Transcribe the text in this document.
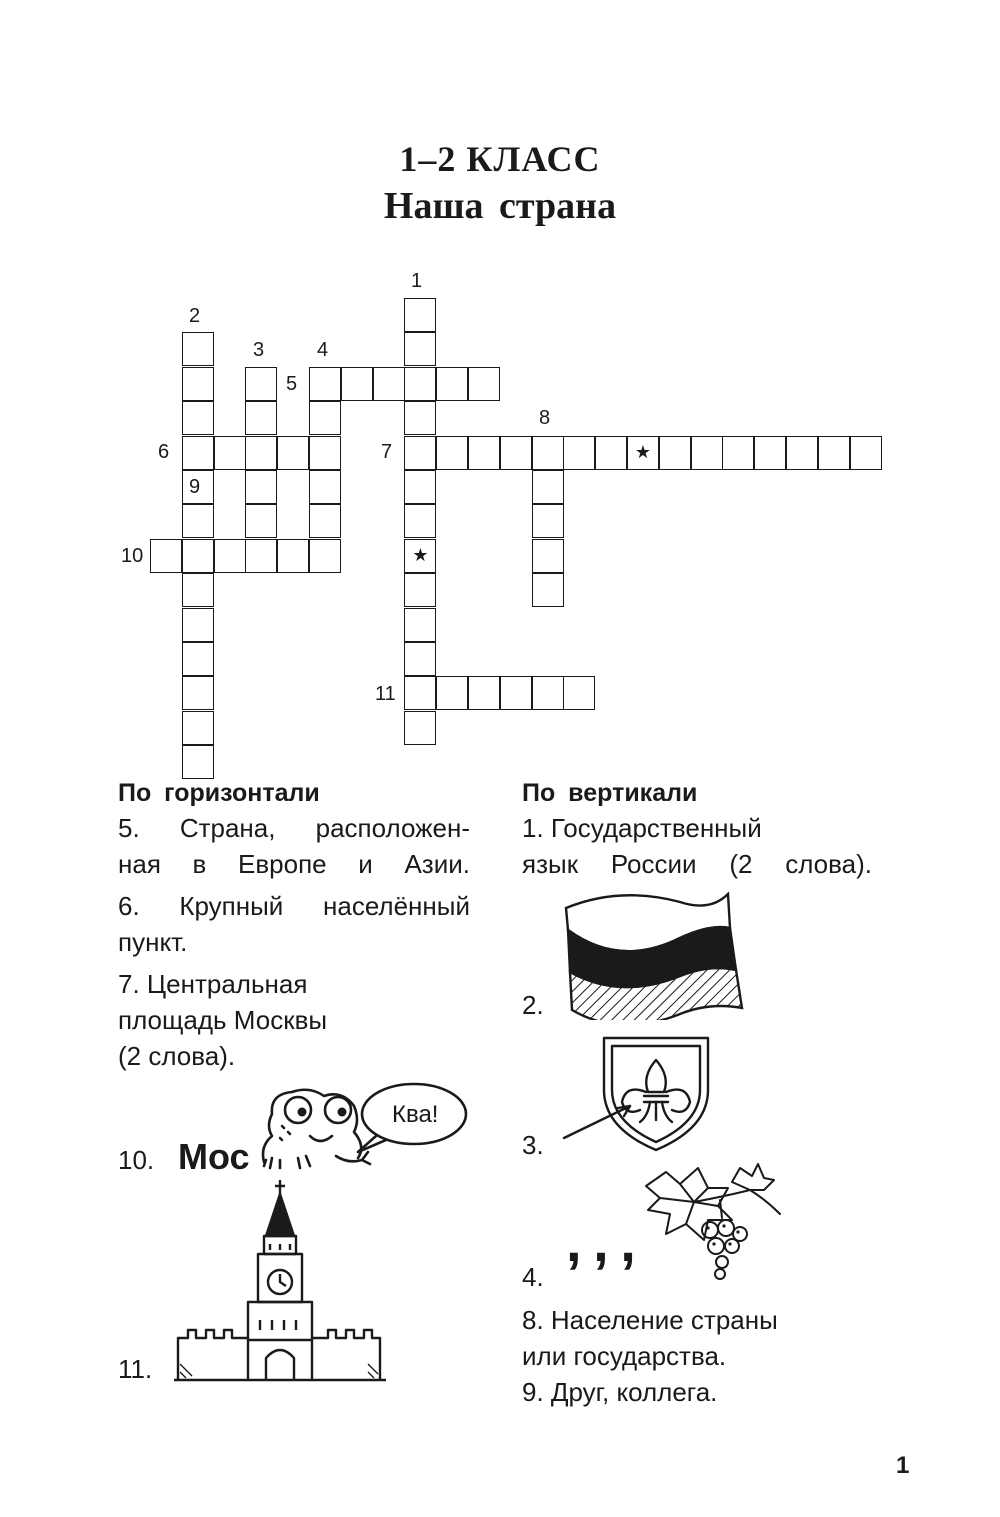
1–2 КЛАСС
Наша страна
★
★
1
2
3	4
5
6	7
8
9
10
11
По горизонтали

5. Страна, расположен-

ная в Европе и Азии.

6. Крупный населённый

пункт.

7. Центральная

площадь Москвы

(2 слова).

10. Мос
Ква!
11.
По вертикали

1. Государственный

язык России (2 слова).

2.
3.
4.
, , ,

8. Население страны

или государства.

9. Друг, коллега.

1
